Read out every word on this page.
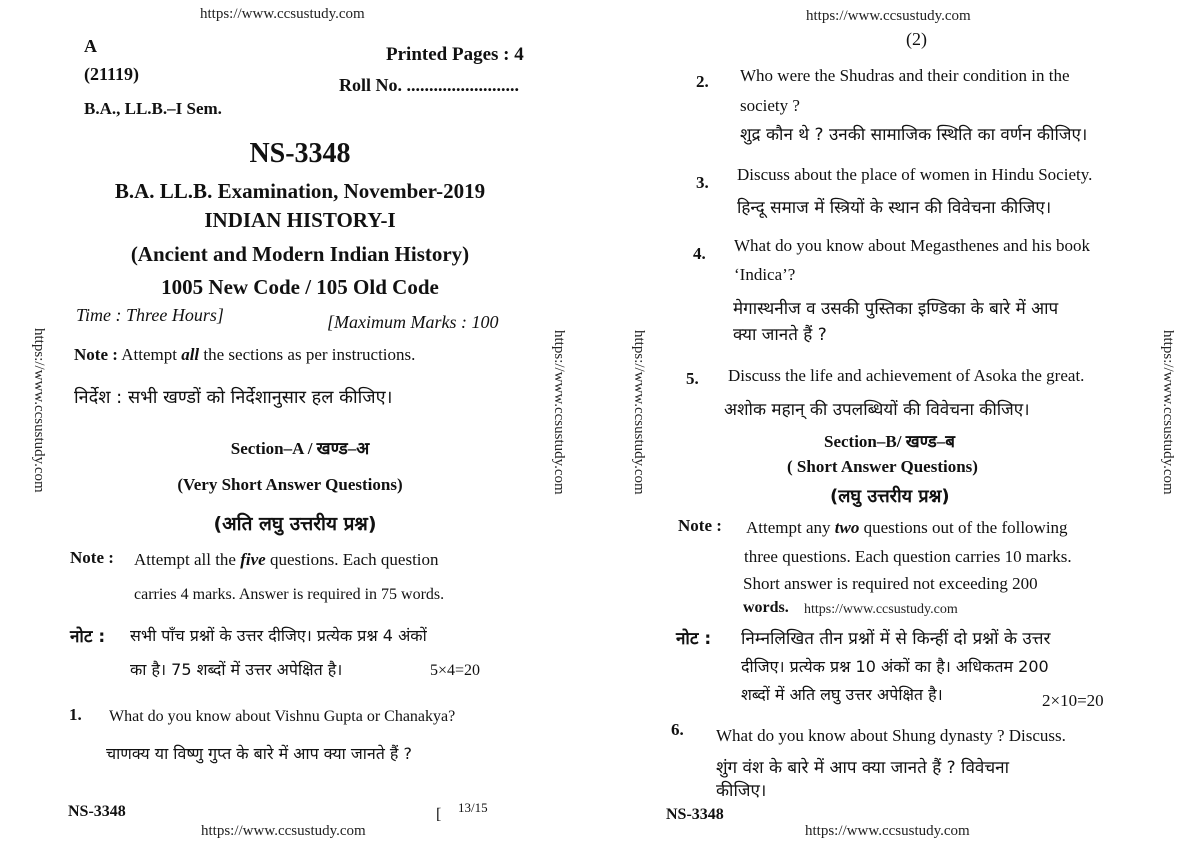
https://www.ccsustudy.com
A
(21119)
B.A., LL.B.–I Sem.
Printed Pages : 4
Roll No. .........................
NS-3348
B.A. LL.B. Examination, November-2019
INDIAN HISTORY-I
(Ancient and Modern Indian History)
1005 New Code / 105 Old Code
Time : Three Hours]	[Maximum Marks : 100
Note : Attempt all the sections as per instructions.
निर्देश : सभी खण्डों को निर्देशानुसार हल कीजिए।
Section–A / खण्ड–अ
(Very Short Answer Questions)
(अति लघु उत्तरीय प्रश्न)
Note : Attempt all the five questions. Each question
carries 4 marks. Answer is required in 75 words.
नोट : सभी पाँच प्रश्नों के उत्तर दीजिए। प्रत्येक प्रश्न 4 अंकों
का है। 75 शब्दों में उत्तर अपेक्षित है।	5×4=20
1. What do you know about Vishnu Gupta or Chanakya?
चाणक्य या विष्णु गुप्त के बारे में आप क्या जानते हैं ?
NS-3348	[ 13/15
https://www.ccsustudy.com
https://www.ccsustudy.com	https://www.ccsustudy.com
https://www.ccsustudy.com
(2)
https://www.ccsustudy.com	https://www.ccsustudy.com
2. Who were the Shudras and their condition in the
society ?
शुद्र कौन थे ? उनकी सामाजिक स्थिति का वर्णन कीजिए।
3. Discuss about the place of women in Hindu Society.
हिन्दू समाज में स्त्रियों के स्थान की विवेचना कीजिए।
4. What do you know about Megasthenes and his book
‘Indica’?
मेगास्थनीज व उसकी पुस्तिका इण्डिका के बारे में आप
क्या जानते हैं ?
5. Discuss the life and achievement of Asoka the great.
अशोक महान् की उपलब्धियों की विवेचना कीजिए।
Section–B/ खण्ड–ब
( Short Answer Questions)
(लघु उत्तरीय प्रश्न)
Note : Attempt any two questions out of the following
three questions. Each question carries 10 marks.
Short answer is required not exceeding 200
words. https://www.ccsustudy.com
नोट : निम्नलिखित तीन प्रश्नों में से किन्हीं दो प्रश्नों के उत्तर
दीजिए। प्रत्येक प्रश्न 10 अंकों का है। अधिकतम 200
शब्दों में अति लघु उत्तर अपेक्षित है।	2×10=20
6. What do you know about Shung dynasty ? Discuss.
शुंग वंश के बारे में आप क्या जानते हैं ? विवेचना
कीजिए।
NS-3348
https://www.ccsustudy.com
